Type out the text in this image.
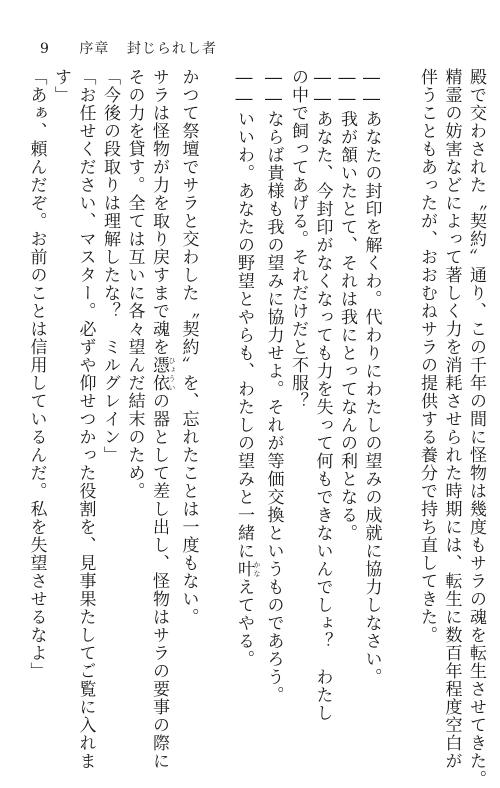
9 序章 封じられし者
殿で交わされた〝契約〟通り、この千年の間に怪物は幾度もサラの魂を転生させてきた。
精霊の妨害などによって著しく力を消耗させられた時期には、転生に数百年程度空白が
伴うこともあったが、おおむねサラの提供する養分で持ち直してきた。
――あなたの封印を解くわ。代わりにわたしの望みの成就に協力しなさい。
――我が頷いたとて、それは我にとってなんの利となる。
――あなた、今封印がなくなっても力を失って何もできないんでしょ？　わたし
の中で飼ってあげる。それだけだと不服？
――ならば貴様も我の望みに協力せよ。それが等価交換というものであろう。
――いいわ。あなたの野望とやらも、わたしの望みと一緒に叶 かなえてやる。
かつて祭壇でサラと交わした〝契約〟を、忘れたことは一度もない。
サラは怪物が力を取り戻すまで魂を憑依 ひょういの器として差し出し、怪物はサラの要事の際に
その力を貸す。全ては互いに各々望んだ結末のため。
「今後の段取りは理解したな？　ミルグレイン」
「お任せください、マスター。必ずや仰せつかった役割を、見事果たしてご覧に入れま
す」
「あぁ、頼んだぞ。お前のことは信用しているんだ。私を失望させるなよ」
